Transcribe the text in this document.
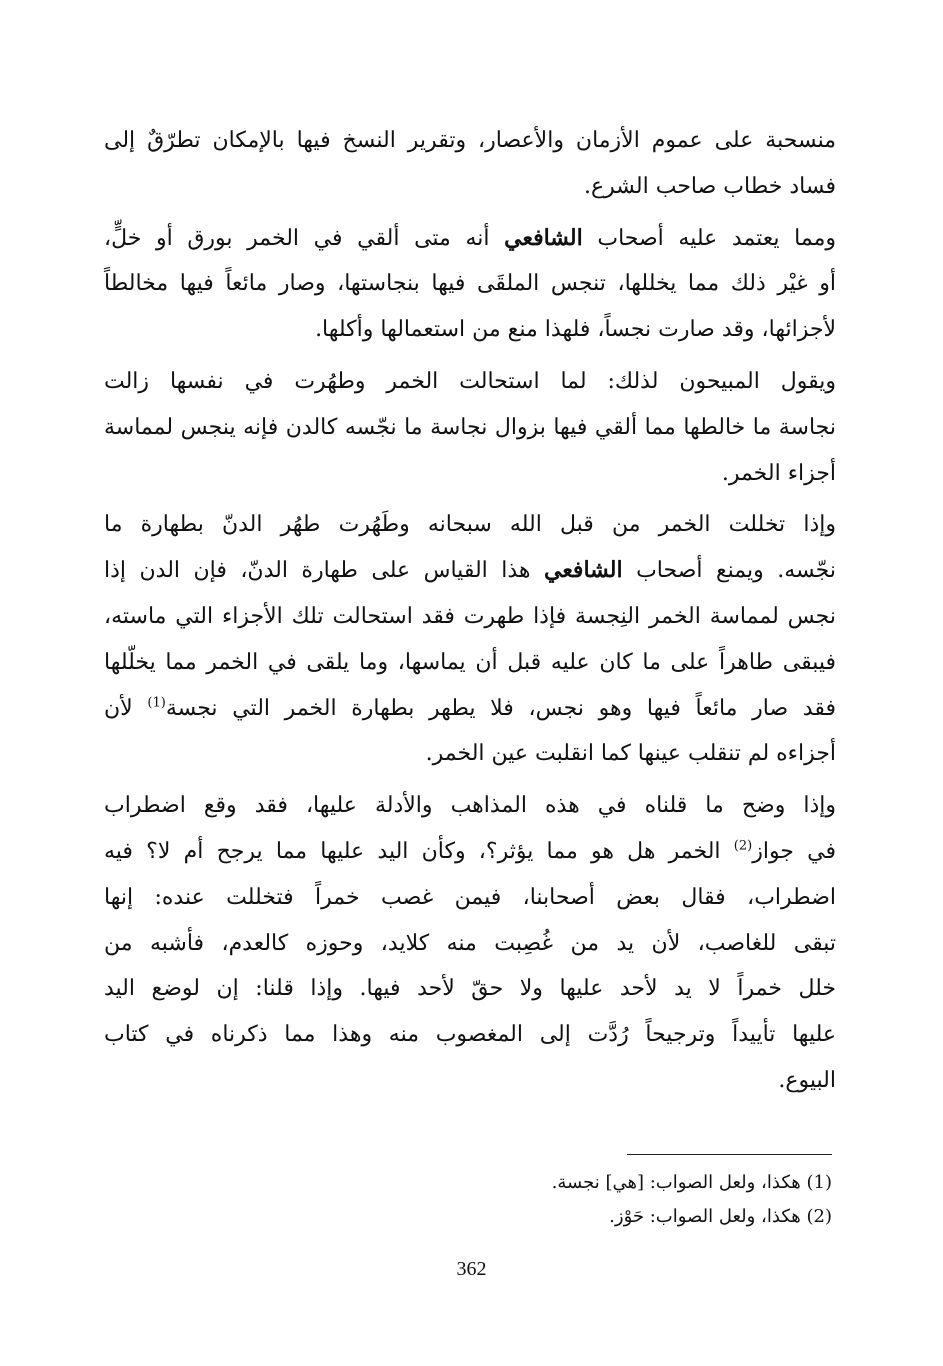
منسحبة على عموم الأزمان والأعصار، وتقرير النسخ فيها بالإمكان تطرّقٌ إلى
فساد خطاب صاحب الشرع.
ومما يعتمد عليه أصحاب الشافعي أنه متى ألقي في الخمر بورق أو خلٍّ،
أو غيْر ذلك مما يخللها، تنجس الملقَى فيها بنجاستها، وصار مائعاً فيها مخالطاً
لأجزائها، وقد صارت نجساً، فلهذا منع من استعمالها وأكلها.
ويقول المبيحون لذلك: لما استحالت الخمر وطهُرت في نفسها زالت
نجاسة ما خالطها مما ألقي فيها بزوال نجاسة ما نجّسه كالدن فإنه ينجس لمماسة
أجزاء الخمر.
وإذا تخللت الخمر من قبل الله سبحانه وطَهُرت طهُر الدنّ بطهارة ما
نجّسه. ويمنع أصحاب الشافعي هذا القياس على طهارة الدنّ، فإن الدن إذا
نجس لمماسة الخمر النِجسة فإذا طهرت فقد استحالت تلك الأجزاء التي ماسته،
فيبقى طاهراً على ما كان عليه قبل أن يماسها، وما يلقى في الخمر مما يخلّلها
فقد صار مائعاً فيها وهو نجس، فلا يطهر بطهارة الخمر التي نجسة$^{(1)}$ لأن
أجزاءه لم تنقلب عينها كما انقلبت عين الخمر.
وإذا وضح ما قلناه في هذه المذاهب والأدلة عليها، فقد وقع اضطراب
في جواز$^{(2)}$ الخمر هل هو مما يؤثر؟، وكأن اليد عليها مما يرجح أم لا؟ فيه
اضطراب، فقال بعض أصحابنا، فيمن غصب خمراً فتخللت عنده: إنها
تبقى للغاصب، لأن يد من غُصِبت منه كلايد، وحوزه كالعدم، فأشبه من
خلل خمراً لا يد لأحد عليها ولا حقّ لأحد فيها. وإذا قلنا: إن لوضع اليد
عليها تأييداً وترجيحاً رُدَّت إلى المغصوب منه وهذا مما ذكرناه في كتاب
البيوع.
(1) هكذا، ولعل الصواب: [هي] نجسة.
(2) هكذا، ولعل الصواب: حَوْز.
362
